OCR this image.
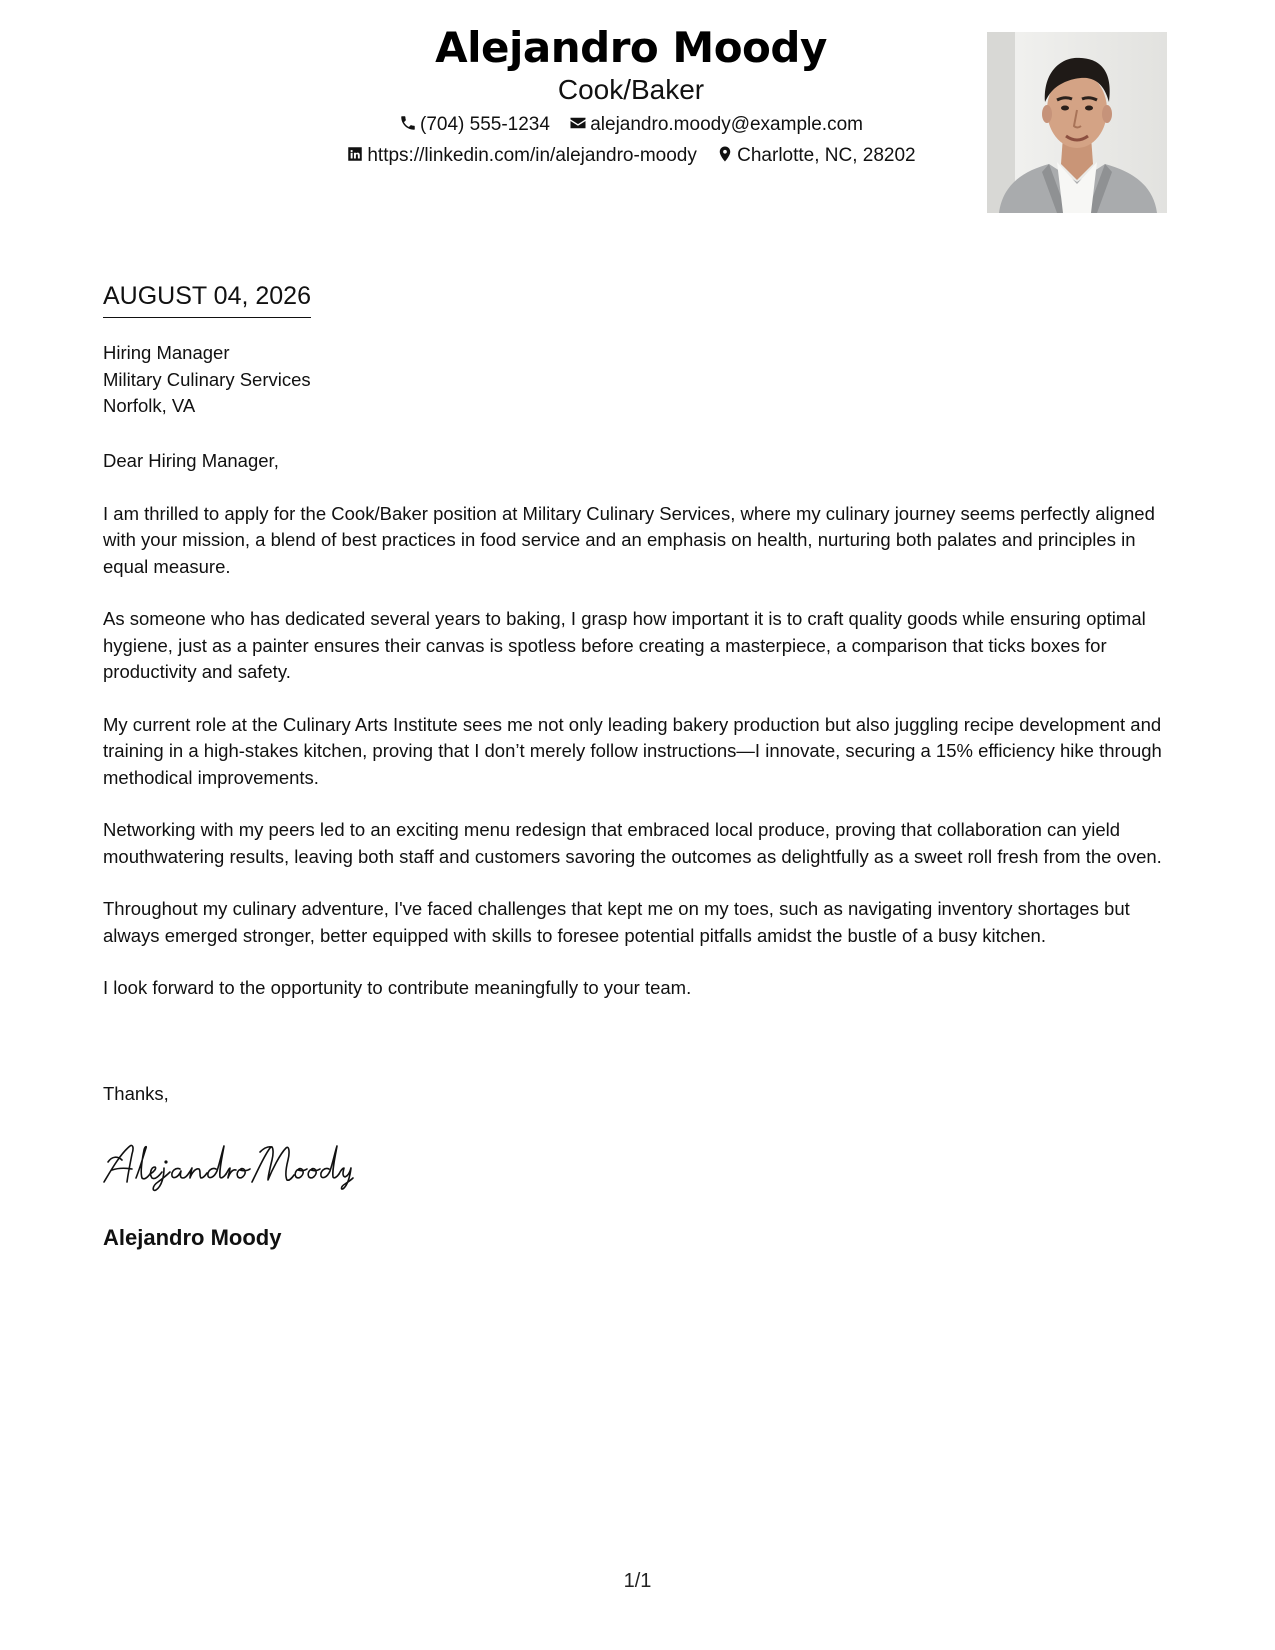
Alejandro Moody
Cook/Baker
(704) 555-1234 alejandro.moody@example.com
https://linkedin.com/in/alejandro-moody Charlotte, NC, 28202
AUGUST 04, 2026
Hiring Manager
Military Culinary Services
Norfolk, VA

Dear Hiring Manager,

I am thrilled to apply for the Cook/Baker position at Military Culinary Services, where my culinary journey seems perfectly aligned with your mission, a blend of best practices in food service and an emphasis on health, nurturing both palates and principles in equal measure.

As someone who has dedicated several years to baking, I grasp how important it is to craft quality goods while ensuring optimal hygiene, just as a painter ensures their canvas is spotless before creating a masterpiece, a comparison that ticks boxes for productivity and safety.

My current role at the Culinary Arts Institute sees me not only leading bakery production but also juggling recipe development and training in a high-stakes kitchen, proving that I don’t merely follow instructions—I innovate, securing a 15% efficiency hike through methodical improvements.

Networking with my peers led to an exciting menu redesign that embraced local produce, proving that collaboration can yield mouthwatering results, leaving both staff and customers savoring the outcomes as delightfully as a sweet roll fresh from the oven.

Throughout my culinary adventure, I've faced challenges that kept me on my toes, such as navigating inventory shortages but always emerged stronger, better equipped with skills to foresee potential pitfalls amidst the bustle of a busy kitchen.

I look forward to the opportunity to contribute meaningfully to your team.

Thanks,
Alejandro Moody
1/1
